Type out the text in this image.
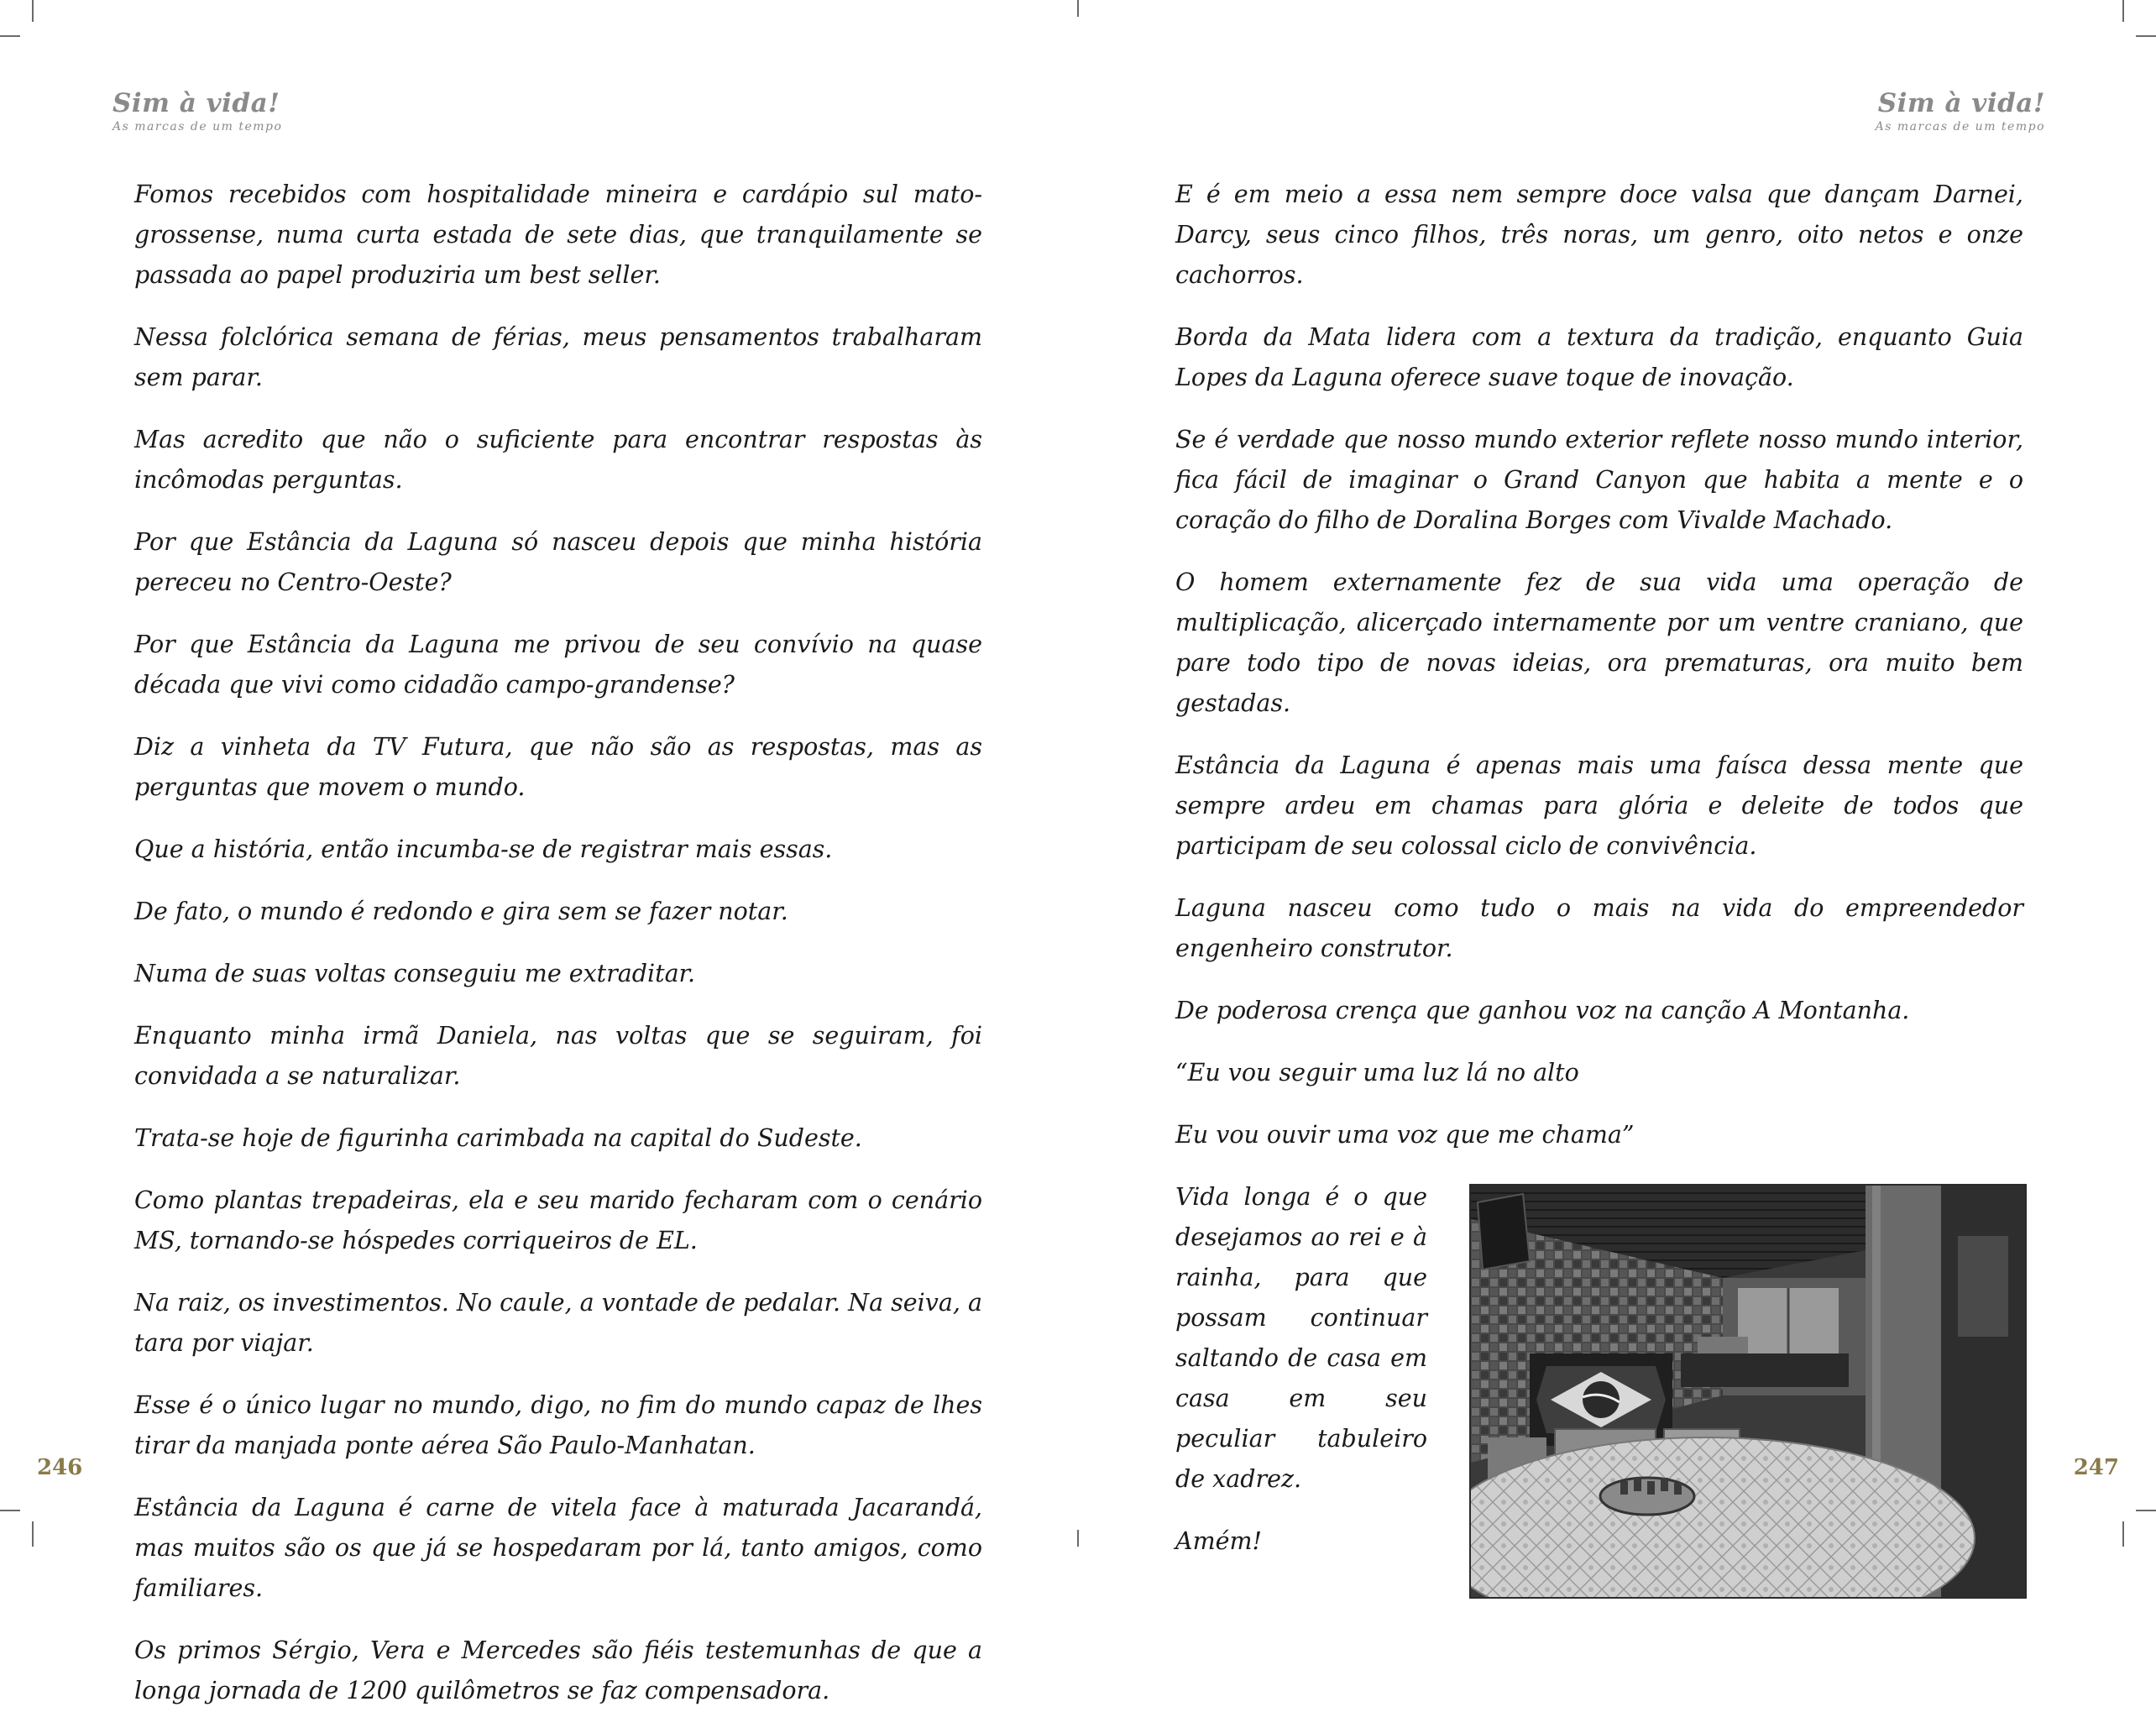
Sim à vida!
As marcas de um tempo

Fomos recebidos com hospitalidade mineira e cardápio sul mato-grossense, numa curta estada de sete dias, que tranquilamente se passada ao papel produziria um best seller.

Nessa folclórica semana de férias, meus pensamentos trabalharam sem parar.

Mas acredito que não o suficiente para encontrar respostas às incômodas perguntas.

Por que Estância da Laguna só nasceu depois que minha história pereceu no Centro-Oeste?

Por que Estância da Laguna me privou de seu convívio na quase década que vivi como cidadão campo-grandense?

Diz a vinheta da TV Futura, que não são as respostas, mas as perguntas que movem o mundo.

Que a história, então incumba-se de registrar mais essas.

De fato, o mundo é redondo e gira sem se fazer notar.

Numa de suas voltas conseguiu me extraditar.

Enquanto minha irmã Daniela, nas voltas que se seguiram, foi convidada a se naturalizar.

Trata-se hoje de figurinha carimbada na capital do Sudeste.

Como plantas trepadeiras, ela e seu marido fecharam com o cenário MS, tornando-se hóspedes corriqueiros de EL.

Na raiz, os investimentos. No caule, a vontade de pedalar. Na seiva, a tara por viajar.

Esse é o único lugar no mundo, digo, no fim do mundo capaz de lhes tirar da manjada ponte aérea São Paulo-Manhatan.

Estância da Laguna é carne de vitela face à maturada Jacarandá, mas muitos são os que já se hospedaram por lá, tanto amigos, como familiares.

Os primos Sérgio, Vera e Mercedes são fiéis testemunhas de que a longa jornada de 1200 quilômetros se faz compensadora.

246
Sim à vida!
As marcas de um tempo

E é em meio a essa nem sempre doce valsa que dançam Darnei, Darcy, seus cinco filhos, três noras, um genro, oito netos e onze cachorros.

Borda da Mata lidera com a textura da tradição, enquanto Guia Lopes da Laguna oferece suave toque de inovação.

Se é verdade que nosso mundo exterior reflete nosso mundo interior, fica fácil de imaginar o Grand Canyon que habita a mente e o coração do filho de Doralina Borges com Vivalde Machado.

O homem externamente fez de sua vida uma operação de multiplicação, alicerçado internamente por um ventre craniano, que pare todo tipo de novas ideias, ora prematuras, ora muito bem gestadas.

Estância da Laguna é apenas mais uma faísca dessa mente que sempre ardeu em chamas para glória e deleite de todos que participam de seu colossal ciclo de convivência.

Laguna nasceu como tudo o mais na vida do empreendedor engenheiro construtor.

De poderosa crença que ganhou voz na canção A Montanha.

“Eu vou seguir uma luz lá no alto

Eu vou ouvir uma voz que me chama”

Vida longa é o que desejamos ao rei e à rainha, para que possam continuar saltando de casa em casa em seu peculiar tabuleiro de xadrez.

Amém!

247
